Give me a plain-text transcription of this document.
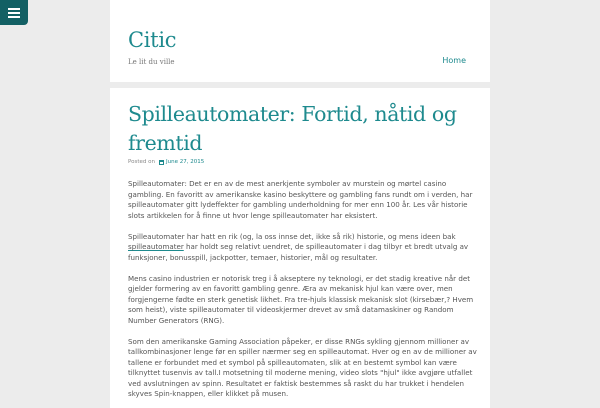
Citic
Le lit du ville	Home
Spilleautomater: Fortid, nåtid og fremtid
Posted on June 27, 2015

Spilleautomater: Det er en av de mest anerkjente symboler av murstein og mørtel casino gambling. En favoritt av amerikanske kasino beskyttere og gambling fans rundt om i verden, har spilleautomater gitt lydeffekter for gambling underholdning for mer enn 100 år. Les vår historie slots artikkelen for å finne ut hvor lenge spilleautomater har eksistert.

Spilleautomater har hatt en rik (og, la oss innse det, ikke så rik) historie, og mens ideen bak spilleautomater har holdt seg relativt uendret, de spilleautomater i dag tilbyr et bredt utvalg av funksjoner, bonusspill, jackpotter, temaer, historier, mål og resultater.

Mens casino industrien er notorisk treg i å akseptere ny teknologi, er det stadig kreative når det gjelder formering av en favoritt gambling genre. Æra av mekanisk hjul kan være over, men forgjengerne fødte en sterk genetisk likhet. Fra tre-hjuls klassisk mekanisk slot (kirsebær,? Hvem som heist), viste spilleautomater til videoskjermer drevet av små datamaskiner og Random Number Generators (RNG).

Som den amerikanske Gaming Association påpeker, er disse RNGs sykling gjennom millioner av tallkombinasjoner lenge før en spiller nærmer seg en spilleautomat. Hver og en av de millioner av tallene er forbundet med et symbol på spilleautomaten, slik at en bestemt symbol kan være tilknyttet tusenvis av tall.I motsetning til moderne mening, video slots "hjul" ikke avgjøre utfallet ved avslutningen av spinn. Resultatet er faktisk bestemmes så raskt du har trukket i hendelen skyves Spin-knappen, eller klikket på musen.
